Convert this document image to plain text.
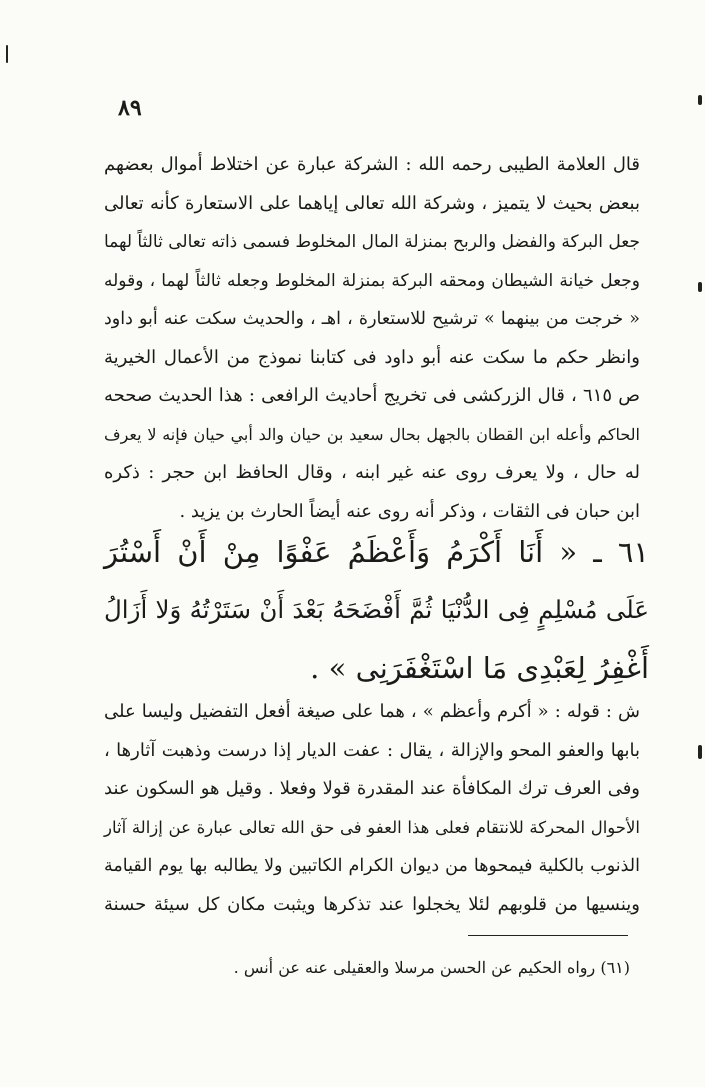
٨٩
قال العلامة الطيبى رحمه الله : الشركة عبارة عن اختلاط أموال بعضهم
ببعض بحيث لا يتميز ، وشركة الله تعالى إياهما على الاستعارة كأنه تعالى
جعل البركة والفضل والربح بمنزلة المال المخلوط فسمى ذاته تعالى ثالثاً لهما
وجعل خيانة الشيطان ومحقه البركة بمنزلة المخلوط وجعله ثالثاً لهما ، وقوله
« خرجت من بينهما » ترشيح للاستعارة ، اهـ ، والحديث سكت عنه أبو داود
وانظر حكم ما سكت عنه أبو داود فى كتابنا نموذج من الأعمال الخيرية
ص ٦١٥ ، قال الزركشى فى تخريج أحاديث الرافعى : هذا الحديث صححه
الحاكم وأعله ابن القطان بالجهل بحال سعيد بن حيان والد أبي حيان فإنه لا يعرف
له حال ، ولا يعرف روى عنه غير ابنه ، وقال الحافظ ابن حجر : ذكره
ابن حبان فى الثقات ، وذكر أنه روى عنه أيضاً الحارث بن يزيد .
٦١ ـ « أَنَا أَكْرَمُ وَأَعْظَمُ عَفْوًا مِنْ أَنْ أَسْتُرَ
عَلَى مُسْلِمٍ فِى الدُّنْيَا ثُمَّ أَفْضَحَهُ بَعْدَ أَنْ سَتَرْتُهُ وَلا أَزَالُ
أَغْفِرُ لِعَبْدِى مَا اسْتَغْفَرَنِى » .
ش : قوله : « أكرم وأعظم » ، هما على صيغة أفعل التفضيل وليسا على
بابها والعفو المحو والإزالة ، يقال : عفت الديار إذا درست وذهبت آثارها ،
وفى العرف ترك المكافأة عند المقدرة قولا وفعلا . وقيل هو السكون عند
الأحوال المحركة للانتقام فعلى هذا العفو فى حق الله تعالى عبارة عن إزالة آثار
الذنوب بالكلية فيمحوها من ديوان الكرام الكاتبين ولا يطالبه بها يوم القيامة
وينسيها من قلوبهم لئلا يخجلوا عند تذكرها ويثبت مكان كل سيئة حسنة
(٦١) رواه الحكيم عن الحسن مرسلا والعقيلى عنه عن أنس .
